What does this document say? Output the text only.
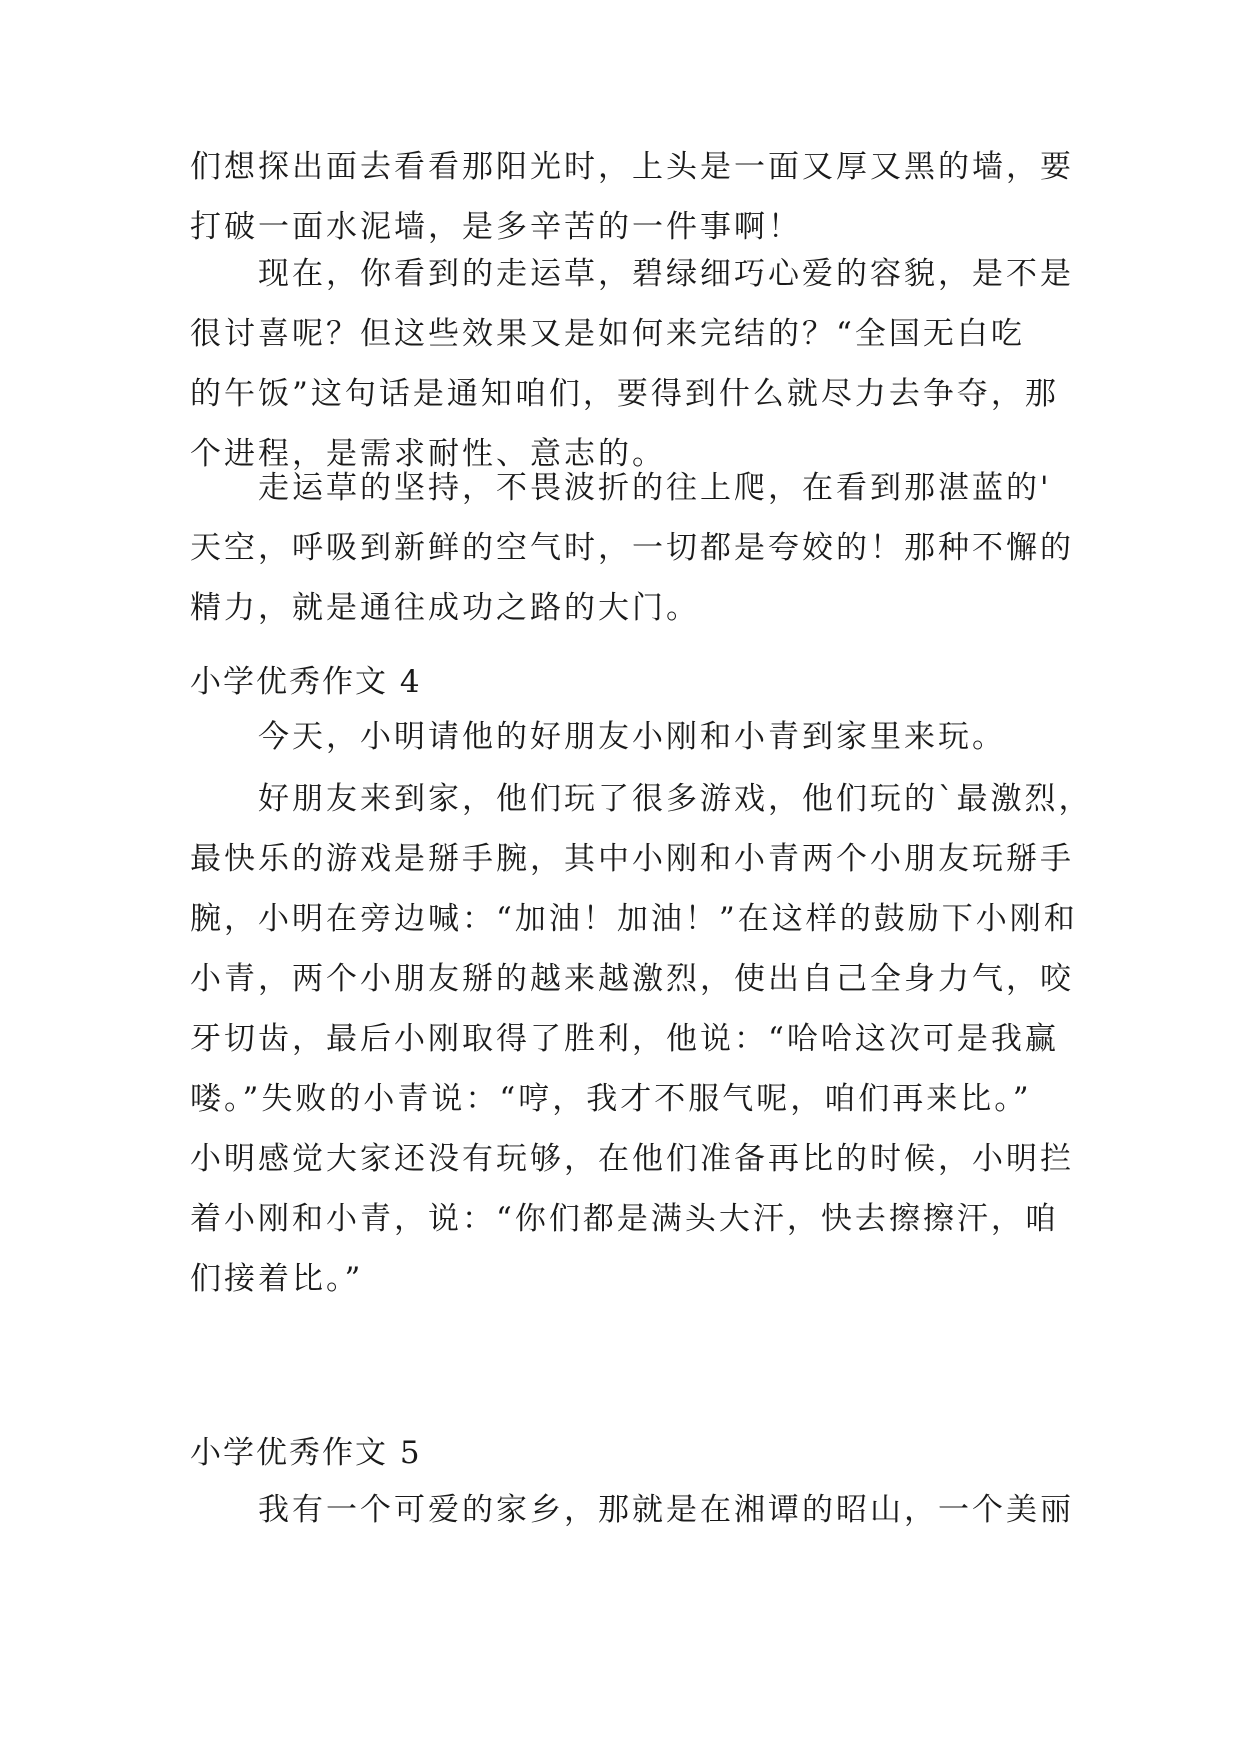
们想探出面去看看那阳光时，上头是一面又厚又黑的墙，要
打破一面水泥墙，是多辛苦的一件事啊！
现在，你看到的走运草，碧绿细巧心爱的容貌，是不是
很讨喜呢？但这些效果又是如何来完结的？“全国无白吃
的午饭”这句话是通知咱们，要得到什么就尽力去争夺，那
个进程，是需求耐性、意志的。
走运草的坚持，不畏波折的往上爬，在看到那湛蓝的'
天空，呼吸到新鲜的空气时，一切都是夸姣的！那种不懈的
精力，就是通往成功之路的大门。
小学优秀作文 4
今天，小明请他的好朋友小刚和小青到家里来玩。
好朋友来到家，他们玩了很多游戏，他们玩的`最激烈，
最快乐的游戏是掰手腕，其中小刚和小青两个小朋友玩掰手
腕，小明在旁边喊：“加油！加油！”在这样的鼓励下小刚和
小青，两个小朋友掰的越来越激烈，使出自己全身力气，咬
牙切齿，最后小刚取得了胜利，他说：“哈哈这次可是我赢
喽。”失败的小青说：“哼，我才不服气呢，咱们再来比。”
小明感觉大家还没有玩够，在他们准备再比的时候，小明拦
着小刚和小青，说：“你们都是满头大汗，快去擦擦汗，咱
们接着比。”
小学优秀作文 5
我有一个可爱的家乡，那就是在湘谭的昭山，一个美丽
